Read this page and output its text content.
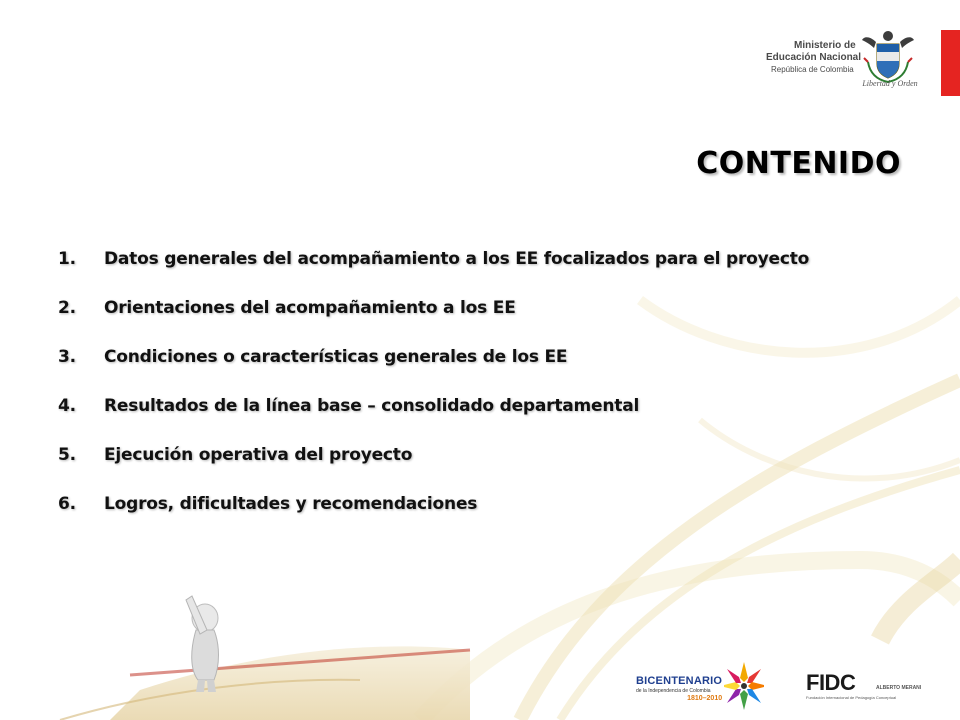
Ministerio de
Educación Nacional
República de Colombia
Libertad y Orden
CONTENIDO
1. Datos generales del acompañamiento a los EE focalizados para el proyecto
2. Orientaciones del acompañamiento a los EE
3. Condiciones o características generales de los EE
4. Resultados de la línea base – consolidado departamental
5. Ejecución operativa del proyecto
6. Logros, dificultades y recomendaciones
BICENTENARIO
de la Independencia de Colombia
1810–2010
FIDC	ALBERTO MERANI
Fundación Internacional de Pedagogía Conceptual
